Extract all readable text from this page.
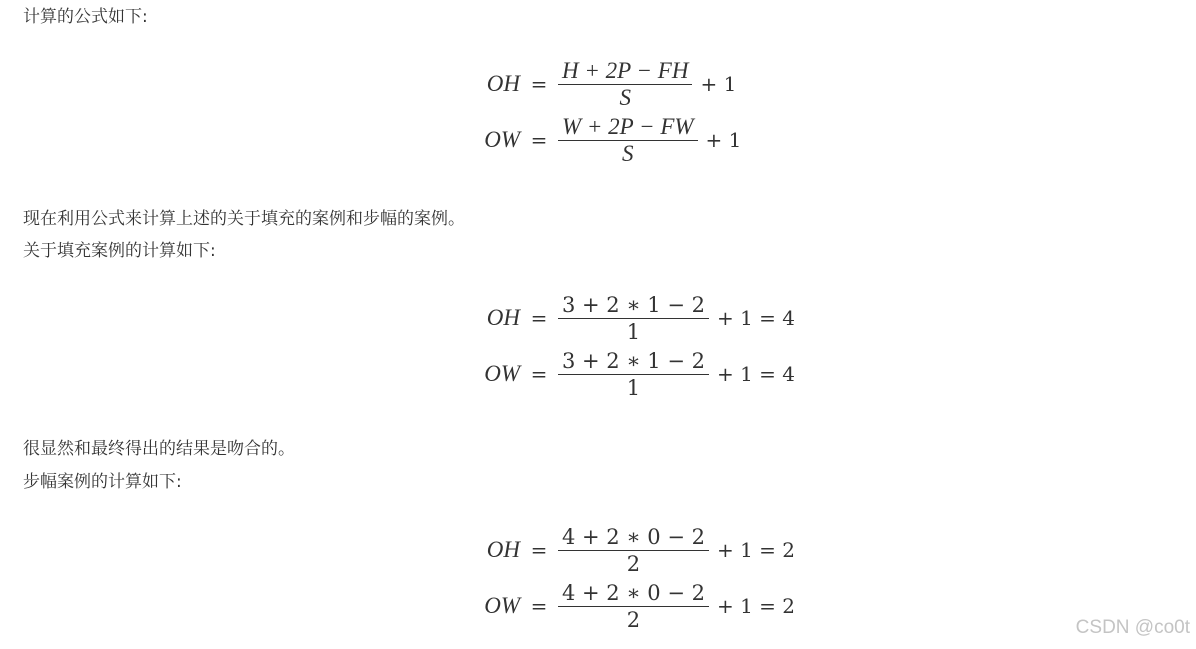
计算的公式如下:
OH = $\frac{H + 2P - FH}{S} + 1$
OW = $\frac{W + 2P - FW}{S} + 1$
现在利用公式来计算上述的关于填充的案例和步幅的案例。
关于填充案例的计算如下:
OH = $\frac{3 + 2 ∗ 1 - 2}{1} + 1 = 4$
OW = $\frac{3 + 2 ∗ 1 - 2}{1} + 1 = 4$
很显然和最终得出的结果是吻合的。
步幅案例的计算如下:
OH = $\frac{4 + 2 ∗ 0 - 2}{2} + 1 = 2$
OW = $\frac{4 + 2 ∗ 0 - 2}{2} + 1 = 2$
CSDN @co0t
